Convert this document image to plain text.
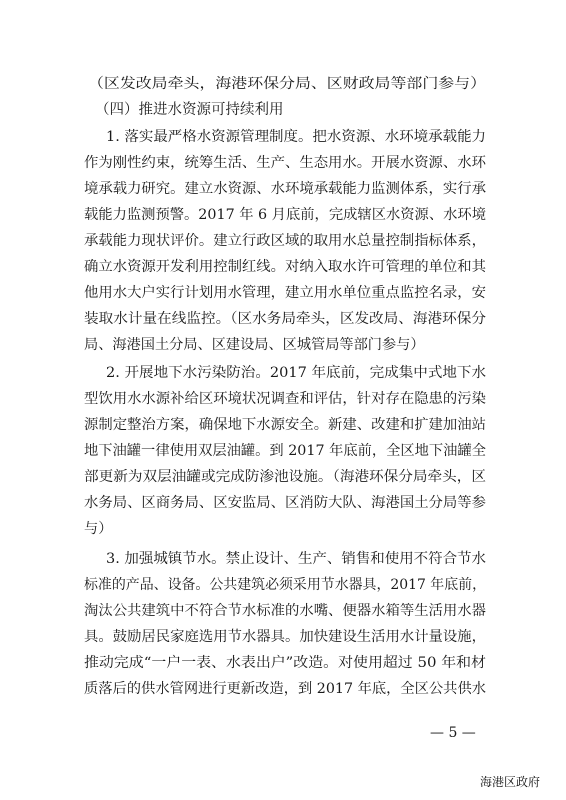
（区发改局牵头，海港环保分局、区财政局等部门参与）
（四）推进水资源可持续利用
1. 落实最严格水资源管理制度。把水资源、水环境承载能力
作为刚性约束，统筹生活、生产、生态用水。开展水资源、水环
境承载力研究。建立水资源、水环境承载能力监测体系，实行承
载能力监测预警。2017 年 6 月底前，完成辖区水资源、水环境
承载能力现状评价。建立行政区域的取用水总量控制指标体系，
确立水资源开发利用控制红线。对纳入取水许可管理的单位和其
他用水大户实行计划用水管理，建立用水单位重点监控名录，安
装取水计量在线监控。（区水务局牵头，区发改局、海港环保分
局、海港国土分局、区建设局、区城管局等部门参与）
2. 开展地下水污染防治。2017 年底前，完成集中式地下水
型饮用水水源补给区环境状况调查和评估，针对存在隐患的污染
源制定整治方案，确保地下水源安全。新建、改建和扩建加油站
地下油罐一律使用双层油罐。到 2017 年底前，全区地下油罐全
部更新为双层油罐或完成防渗池设施。（海港环保分局牵头，区
水务局、区商务局、区安监局、区消防大队、海港国土分局等参
与）
3. 加强城镇节水。禁止设计、生产、销售和使用不符合节水
标准的产品、设备。公共建筑必须采用节水器具，2017 年底前，
淘汰公共建筑中不符合节水标准的水嘴、便器水箱等生活用水器
具。鼓励居民家庭选用节水器具。加快建设生活用水计量设施，
推动完成“一户一表、水表出户”改造。对使用超过 50 年和材
质落后的供水管网进行更新改造，到 2017 年底，全区公共供水
— 5 —
海港区政府
